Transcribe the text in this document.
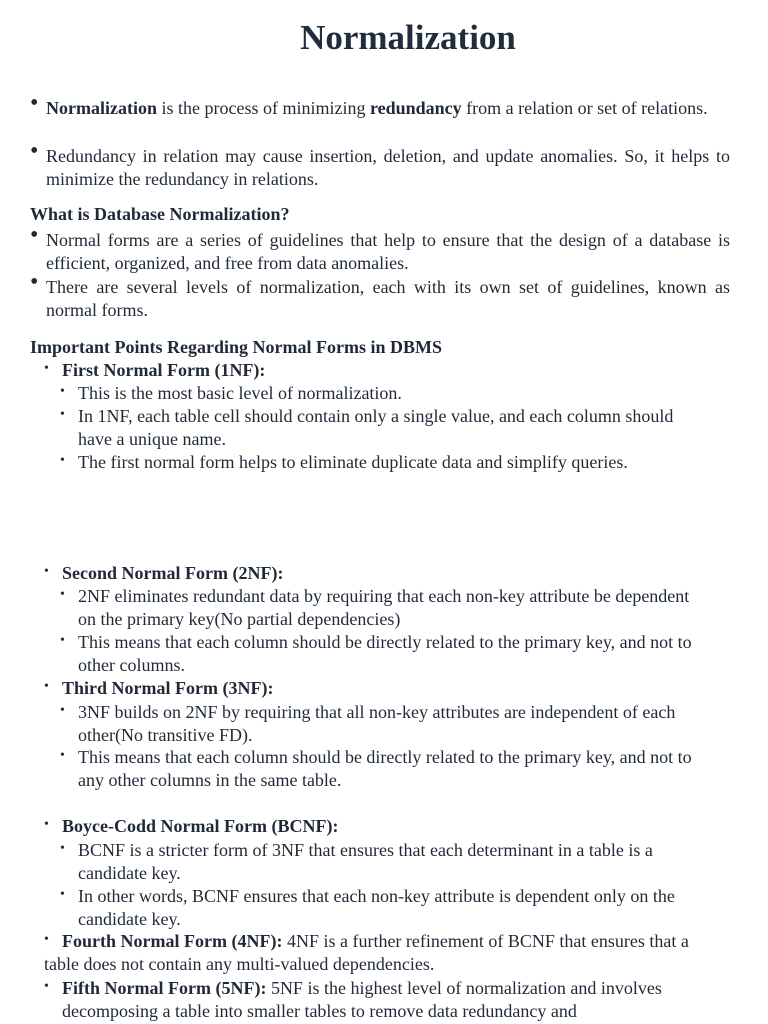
Normalization
• Normalization is the process of minimizing redundancy from a relation or set of relations.
• Redundancy in relation may cause insertion, deletion, and update anomalies. So, it helps to minimize the redundancy in relations.
What is Database Normalization?
• Normal forms are a series of guidelines that help to ensure that the design of a database is efficient, organized, and free from data anomalies.
• There are several levels of normalization, each with its own set of guidelines, known as normal forms.
Important Points Regarding Normal Forms in DBMS
• First Normal Form (1NF):
• This is the most basic level of normalization.
• In 1NF, each table cell should contain only a single value, and each column should have a unique name.
• The first normal form helps to eliminate duplicate data and simplify queries.
• Second Normal Form (2NF):
• 2NF eliminates redundant data by requiring that each non-key attribute be dependent on the primary key(No partial dependencies)
• This means that each column should be directly related to the primary key, and not to other columns.
• Third Normal Form (3NF):
• 3NF builds on 2NF by requiring that all non-key attributes are independent of each other(No transitive FD).
• This means that each column should be directly related to the primary key, and not to any other columns in the same table.
• Boyce-Codd Normal Form (BCNF):
• BCNF is a stricter form of 3NF that ensures that each determinant in a table is a candidate key.
• In other words, BCNF ensures that each non-key attribute is dependent only on the candidate key.
• Fourth Normal Form (4NF): 4NF is a further refinement of BCNF that ensures that a table does not contain any multi-valued dependencies.
• Fifth Normal Form (5NF): 5NF is the highest level of normalization and involves decomposing a table into smaller tables to remove data redundancy and
